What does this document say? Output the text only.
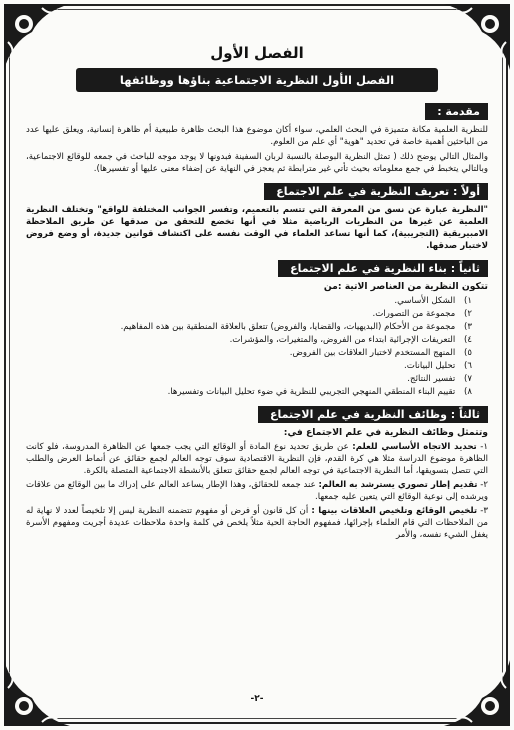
الفصل الأول
الفصل الأول النظرية الاجتماعية بناؤها ووظائفها
مقدمة :

للنظرية العلمية مكانة متميزة في البحث العلمي، سواء أكان موضوع هذا البحث ظاهرة طبيعية أم ظاهرة إنسانية، ويعلق عليها عدد من الباحثين أهمية خاصة في تحديد "هوية" أي علم من العلوم.

والمثال التالي يوضح ذلك ( تمثل النظرية البوصلة بالنسبة لربان السفينة فبدونها لا يوجد موجه للباحث في جمعه للوقائع الاجتماعية، وبالتالي يتخبط في جمع معلوماته بحيث تأتي غير مترابطة ثم يعجز في النهاية عن إضفاء معنى عليها أو تفسيرها).

أولاً : تعريف النظرية في علم الاجتماع

"النظرية عبارة عن نسق من المعرفة التي تتسم بالتعميم، وتفسر الجوانب المختلفة للواقع" وتختلف النظرية العلمية عن غيرها من النظريات الرياضية مثلا في أنها تخضع للتحقق من صدقها عن طريق الملاحظة الامبيريقية (التجريبية)، كما أنها تساعد العلماء في الوقت نفسه على اكتشاف قوانين جديدة، أو وضع فروض لاختبار صدقها.

ثانياً : بناء النظرية في علم الاجتماع
تتكون النظرية من العناصر الاتية :من
١) الشكل الأساسي.
٢) مجموعة من التصورات.
٣) مجموعة من الأحكام (البديهيات، والقضايا، والفروض) تتعلق بالعلاقة المنطقية بين هذه المفاهيم.
٤) التعريفات الإجرائية ابتداء من الفروض، والمتغيرات، والمؤشرات.
٥) المنهج المستخدم لاختبار العلاقات بين الفروض.
٦) تحليل البيانات.
٧) تفسير النتائج.
٨) تقييم البناء المنطقي المنهجي التجريبي للنظرية في ضوء تحليل البيانات وتفسيرها.
ثالثاً : وظائف النظرية في علم الاجتماع
وتتمثل وظائف النظرية في علم الاجتماع في:
١- تحديد الاتجاه الأساسي للعلم: عن طريق تحديد نوع المادة أو الوقائع التي يجب جمعها عن الظاهرة المدروسة، فلو كانت الظاهرة موضوع الدراسة مثلا هي كرة القدم، فإن النظرية الاقتصادية سوف توجه العالم لجمع حقائق عن أنماط العرض والطلب التي تتصل بتسويقها، أما النظرية الاجتماعية في توجه العالم لجمع حقائق تتعلق بالأنشطة الاجتماعية المتصلة بالكرة.
٢- تقديم إطار تصوري يسترشد به العالم: عند جمعه للحقائق، وهذا الإطار يساعد العالم على إدراك ما بين الوقائع من علاقات ويرشده إلى نوعية الوقائع التي يتعين عليه جمعها.
٣- تلخيص الوقائع وتلخيص العلاقات بينها : أن كل قانون أو فرض أو مفهوم تتضمنه النظرية ليس إلا تلخيصاً لعدد لا نهاية له من الملاحظات التي قام العلماء بإجرائها، فمفهوم الحاجة الحية مثلاً يلخص في كلمة واحدة ملاحظات عديدة أجريت ومفهوم الأسرة يغفل الشيء نفسه، والأمر
-٢-
